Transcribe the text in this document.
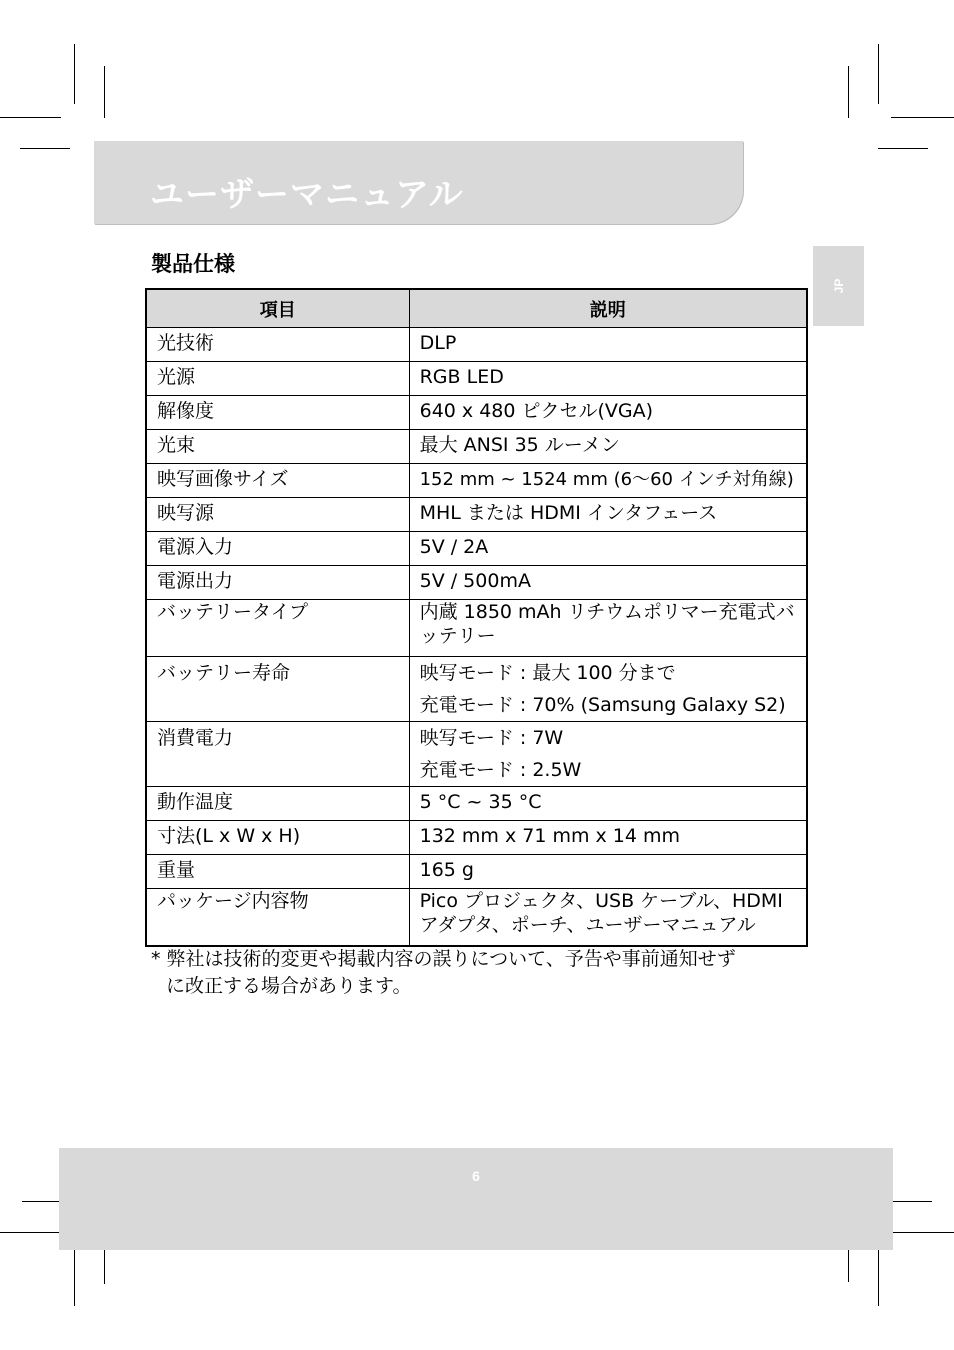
ユーザーマニュアル
JP
製品仕様
項目	説明
光技術	DLP
光源	RGB LED
解像度	640 x 480 ピクセル(VGA)
光束	最大 ANSI 35 ルーメン
映写画像サイズ	152 mm ~ 1524 mm (6〜60 インチ対角線)
映写源	MHL または HDMI インタフェース
電源入力	5V / 2A
電源出力	5V / 500mA
バッテリータイプ	内蔵 1850 mAh リチウムポリマー充電式バッテリー
バッテリー寿命	映写モード : 最大 100 分まで
充電モード : 70% (Samsung Galaxy S2)

消費電力	映写モード : 7W
充電モード : 2.5W

動作温度	5 °C ~ 35 °C
寸法(L x W x H)	132 mm x 71 mm x 14 mm
重量	165 g
パッケージ内容物	Pico プロジェクタ、USB ケーブル、HDMI アダプタ、ポーチ、ユーザーマニュアル
* 弊社は技術的変更や掲載内容の誤りについて、予告や事前通知せず
に改正する場合があります。
6
